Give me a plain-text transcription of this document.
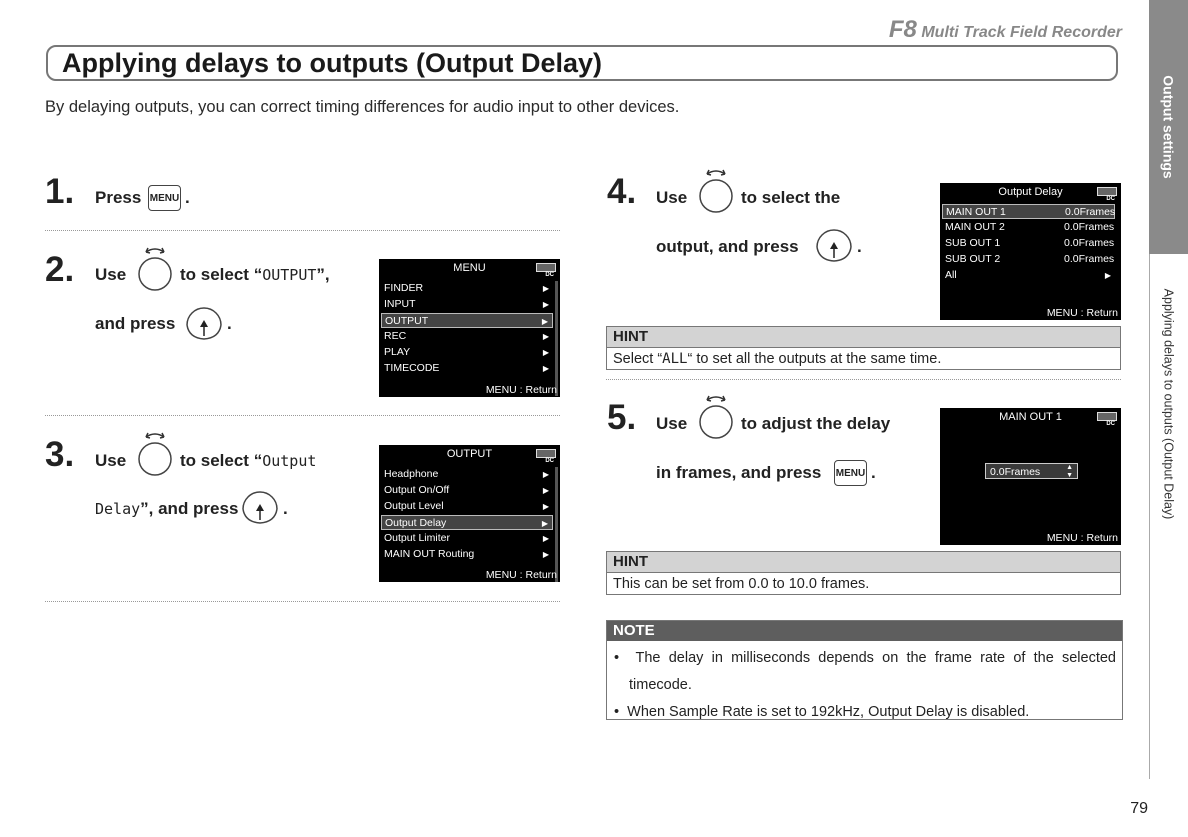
F8 Multi Track Field Recorder
Output settings
Applying delays to outputs (Output Delay)
Applying delays to outputs (Output Delay)
By delaying outputs, you can correct timing differences for audio input to other devices.
1. Press MENU .
2. Use	to select “OUTPUT”,
and press	.
MENU
DC
FINDER	▶
INPUT	▶
OUTPUT	▶
REC	▶
PLAY	▶
TIMECODE	▶
MENU : Return
3. Use	to select “Output
Delay”, and press	.
OUTPUT
DC
Headphone	▶
Output On/Off	▶
Output Level	▶
Output Delay	▶
Output Limiter	▶
MAIN OUT Routing	▶
MENU : Return
4. Use	to select the
output, and press	.
Output Delay
DC
MAIN OUT 1	0.0Frames
MAIN OUT 2	0.0Frames
SUB OUT 1	0.0Frames
SUB OUT 2	0.0Frames
All	▶
MENU : Return
HINT
Select “ALL“ to set all the outputs at the same time.
5. Use	to adjust the delay
in frames, and press MENU .
MAIN OUT 1
DC
0.0Frames	▲
▼
MENU : Return
HINT
This can be set from 0.0 to 10.0 frames.
NOTE
•  The delay in milliseconds depends on the frame rate of the selected timecode.
•  When Sample Rate is set to 192kHz, Output Delay is disabled.
79
